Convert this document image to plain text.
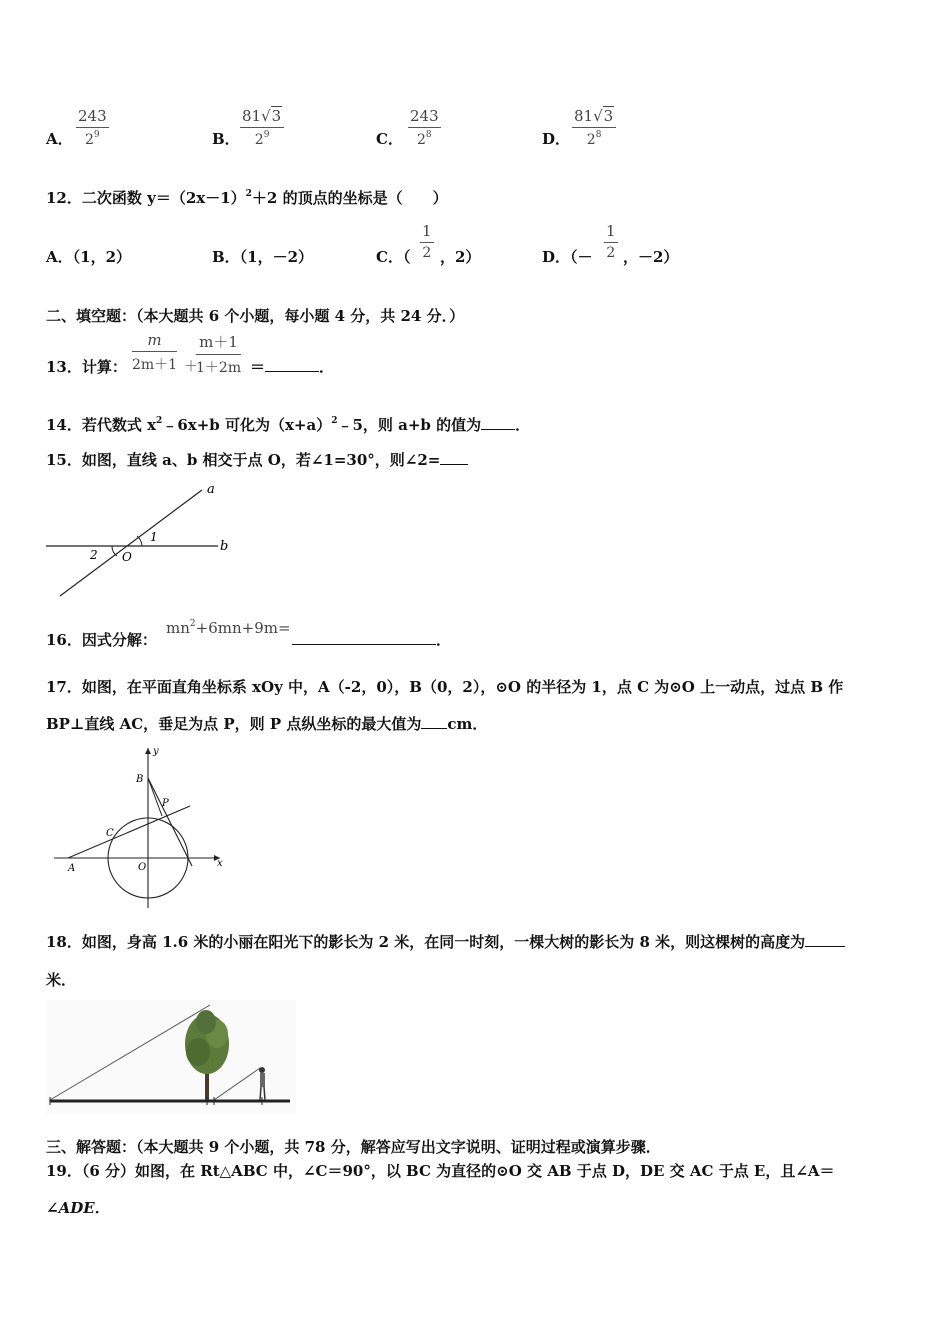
A． $\frac{243}{2^9}$	B． $\frac{81√3}{2^9}$	C． $\frac{243}{2^8}$	D． $\frac{81√3}{2^8}$
12．二次函数 $y=(2x-1)^2+2$ 的顶点的坐标是（　　）
A．（1，2）	B．（1，－2）	C．（ $\frac{1}{2}$ ，2）	D．（－ $\frac{1}{2}$ ，－2）
二、填空题：（本大题共 6 个小题，每小题 4 分，共 24 分．）
13．计算： $\frac{m}{2m+1}$ ＋
$\frac{m+1}{1+2m}$ ＝	．
14．若代数式 $x^2﹣6x+b$ 可化为$(x+a)^2﹣5$，则 a+b 的值为 ．
15．如图，直线 a、b 相交于点 O，若∠1=30°，则∠2=
a
b
O
1
2
16．因式分解：
$mn^2+6mn+9m=$
．
17．如图，在平面直角坐标系 xOy 中，A（-2，0），B（0，2），⊙O 的半径为 1，点 C 为⊙O 上一动点，过点 B 作
BP⊥直线 AC，垂足为点 P，则 P 点纵坐标的最大值为 cm．
y
x
B
P
C
O
A
18．如图，身高 1.6 米的小丽在阳光下的影长为 2 米，在同一时刻，一棵大树的影长为 8 米，则这棵树的高度为
米．
三、解答题：（本大题共 9 个小题，共 78 分，解答应写出文字说明、证明过程或演算步骤．
19．（6 分）如图，在 Rt△ABC 中，∠C＝90°，以 BC 为直径的⊙O 交 AB 于点 D，DE 交 AC 于点 E，且∠A＝
∠ADE．
